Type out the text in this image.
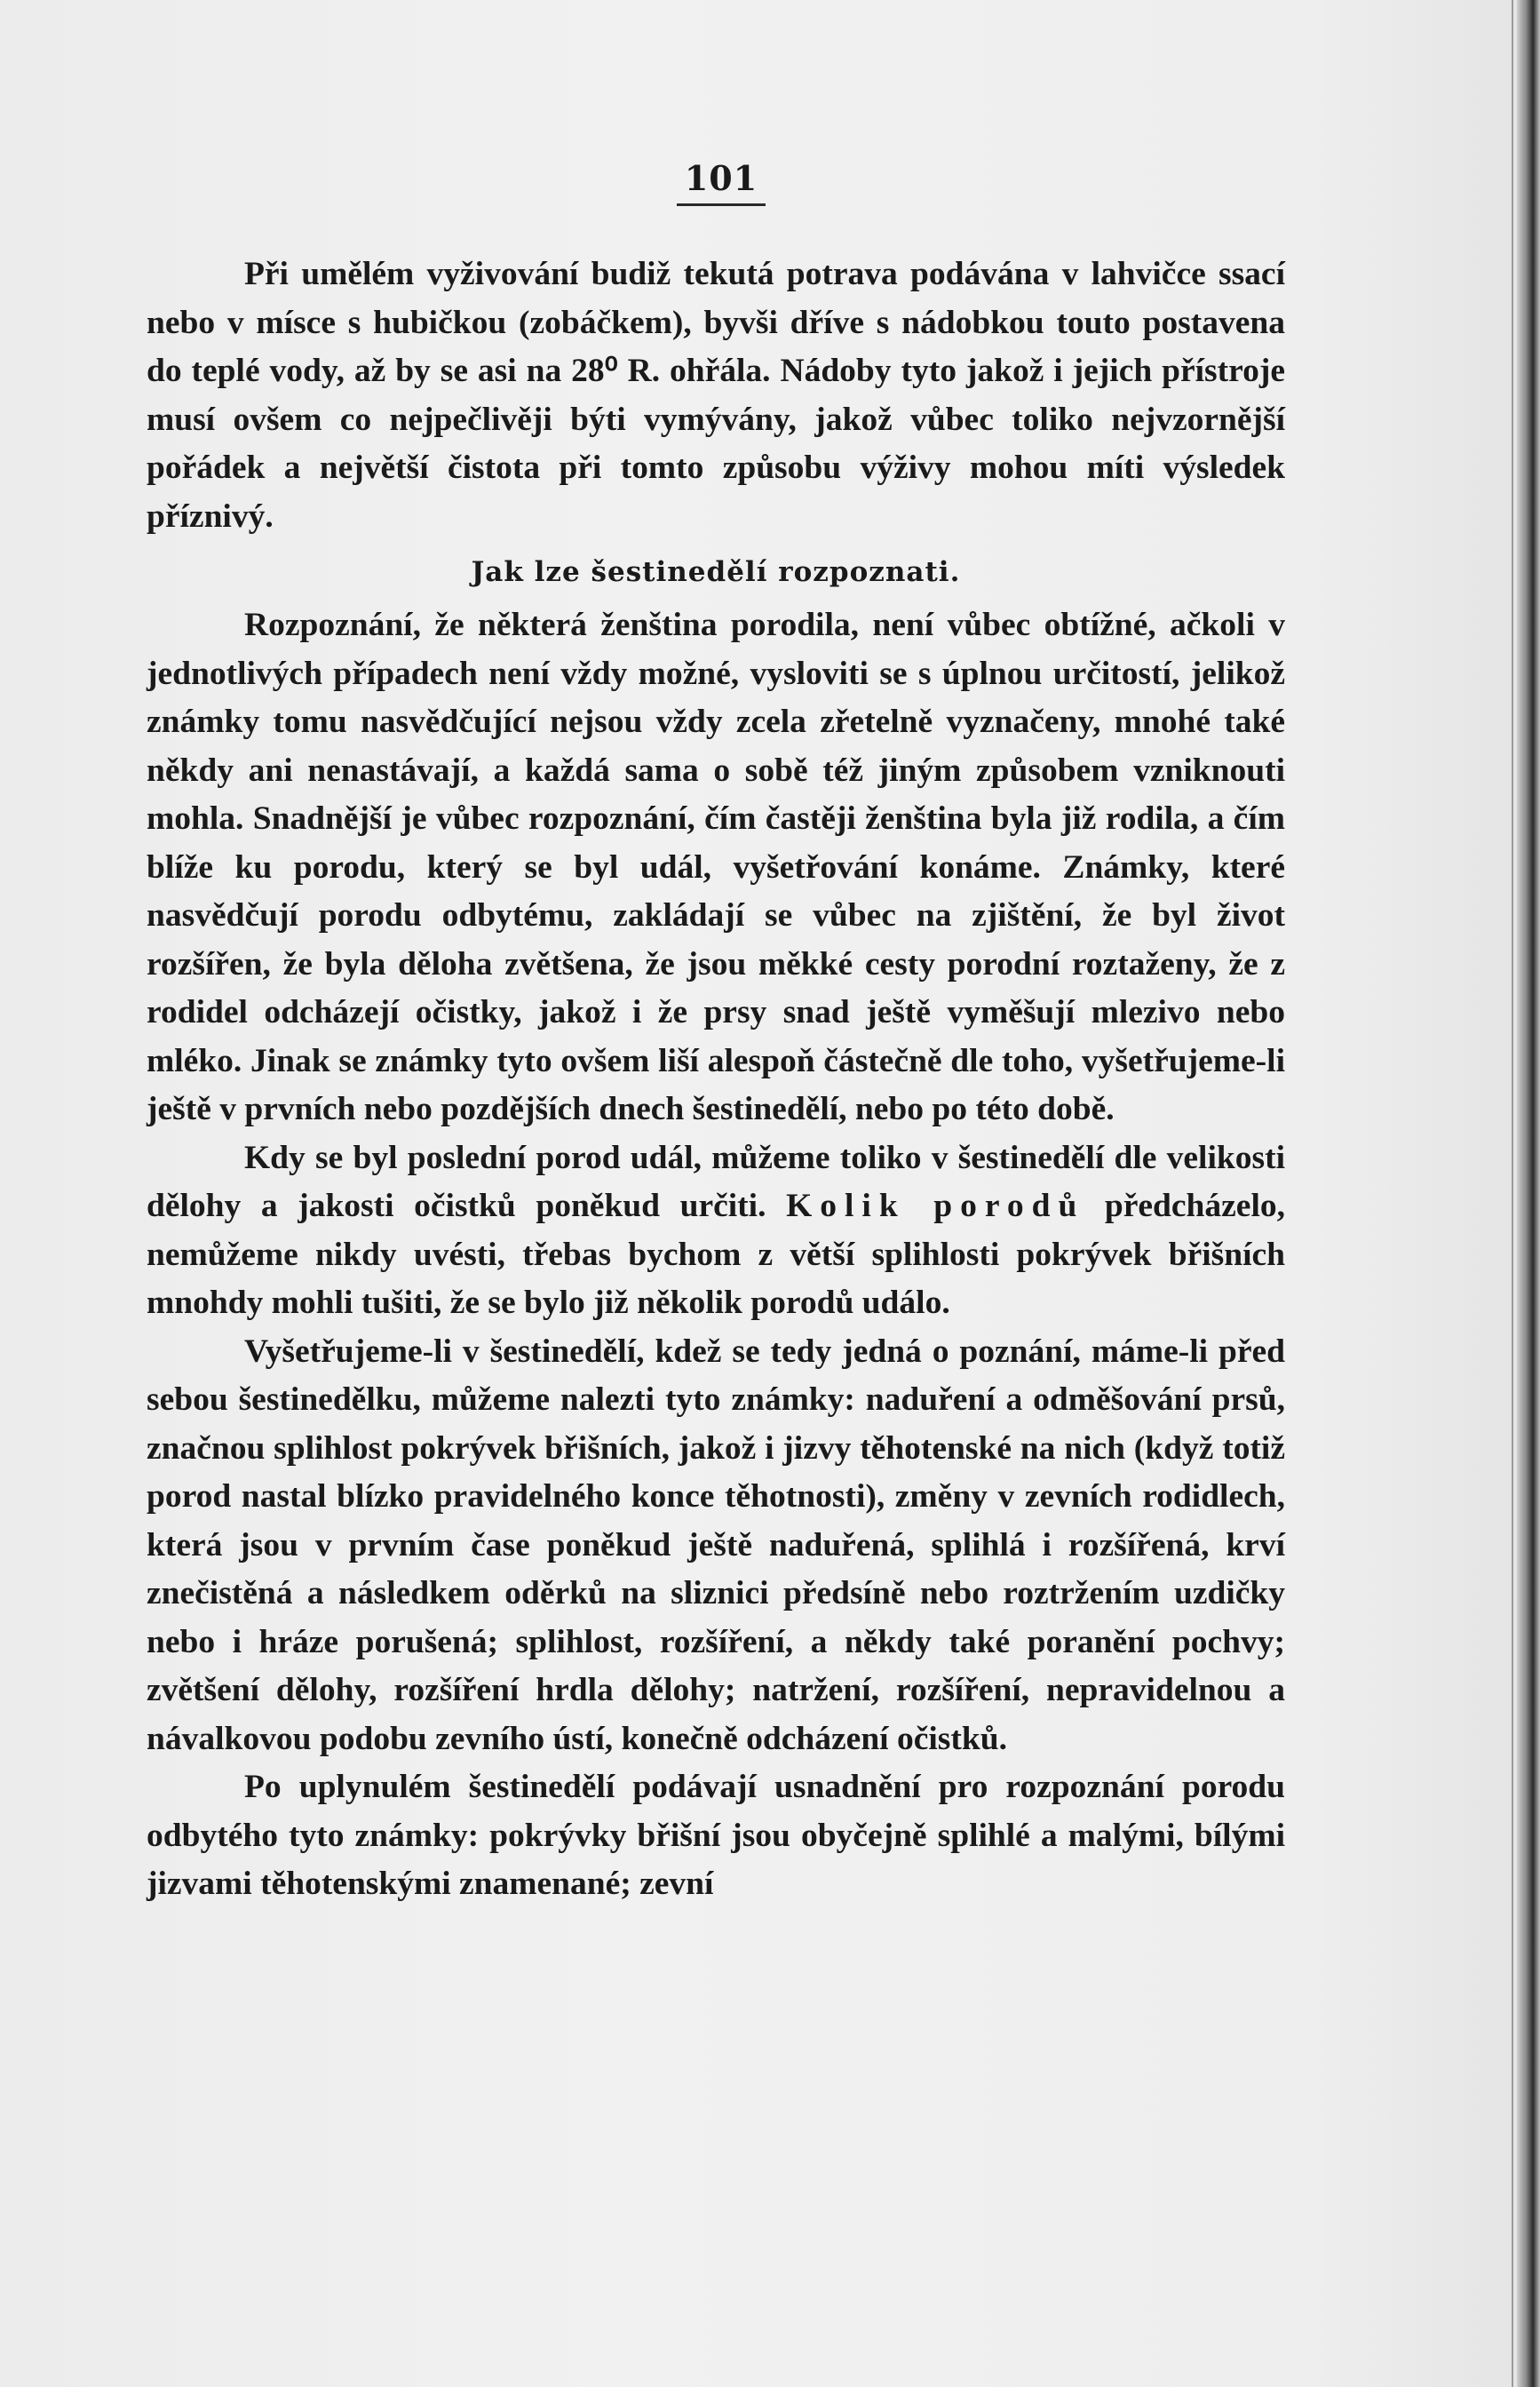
101

Při umělém vyživování budiž tekutá potrava podávána v lahvičce ssací nebo v mísce s hubičkou (zobáčkem), byvši dříve s nádobkou touto postavena do teplé vody, až by se asi na 28⁰ R. ohřála. Nádoby tyto jakož i jejich přístroje musí ovšem co nejpečlivěji býti vymývány, jakož vůbec toliko nejvzornější pořádek a největší čistota při tomto způsobu výživy mohou míti výsledek příznivý.

Jak lze šestinedělí rozpoznati.

Rozpoznání, že některá ženština porodila, není vůbec obtížné, ačkoli v jednotlivých případech není vždy možné, vysloviti se s úplnou určitostí, jelikož známky tomu nasvědčující nejsou vždy zcela zřetelně vyznačeny, mnohé také někdy ani nenastávají, a každá sama o sobě též jiným způsobem vzniknouti mohla. Snadnější je vůbec rozpoznání, čím častěji ženština byla již rodila, a čím blíže ku porodu, který se byl udál, vyšetřování konáme. Známky, které nasvědčují porodu odbytému, zakládají se vůbec na zjištění, že byl život rozšířen, že byla děloha zvětšena, že jsou měkké cesty porodní roztaženy, že z rodidel odcházejí očistky, jakož i že prsy snad ještě vyměšují mlezivo nebo mléko. Jinak se známky tyto ovšem liší alespoň částečně dle toho, vyšetřujeme-li ještě v prvních nebo pozdějších dnech šestinedělí, nebo po této době.

Kdy se byl poslední porod udál, můžeme toliko v šestinedělí dle velikosti dělohy a jakosti očistků poněkud určiti. Kolik porodů předcházelo, nemůžeme nikdy uvésti, třebas bychom z větší splihlosti pokrývek břišních mnohdy mohli tušiti, že se bylo již několik porodů událo.

Vyšetřujeme-li v šestinedělí, kdež se tedy jedná o poznání, máme-li před sebou šestinedělku, můžeme nalezti tyto známky: naduření a odměšování prsů, značnou splihlost pokrývek břišních, jakož i jizvy těhotenské na nich (když totiž porod nastal blízko pravidelného konce těhotnosti), změny v zevních rodidlech, která jsou v prvním čase poněkud ještě naduřená, splihlá i rozšířená, krví znečistěná a následkem oděrků na sliznici předsíně nebo roztržením uzdičky nebo i hráze porušená; splihlost, rozšíření, a někdy také poranění pochvy; zvětšení dělohy, rozšíření hrdla dělohy; natržení, rozšíření, nepravidelnou a návalkovou podobu zevního ústí, konečně odcházení očistků.

Po uplynulém šestinedělí podávají usnadnění pro rozpoznání porodu odbytého tyto známky: pokrývky břišní jsou obyčejně splihlé a malými, bílými jizvami těhotenskými znamenané; zevní
